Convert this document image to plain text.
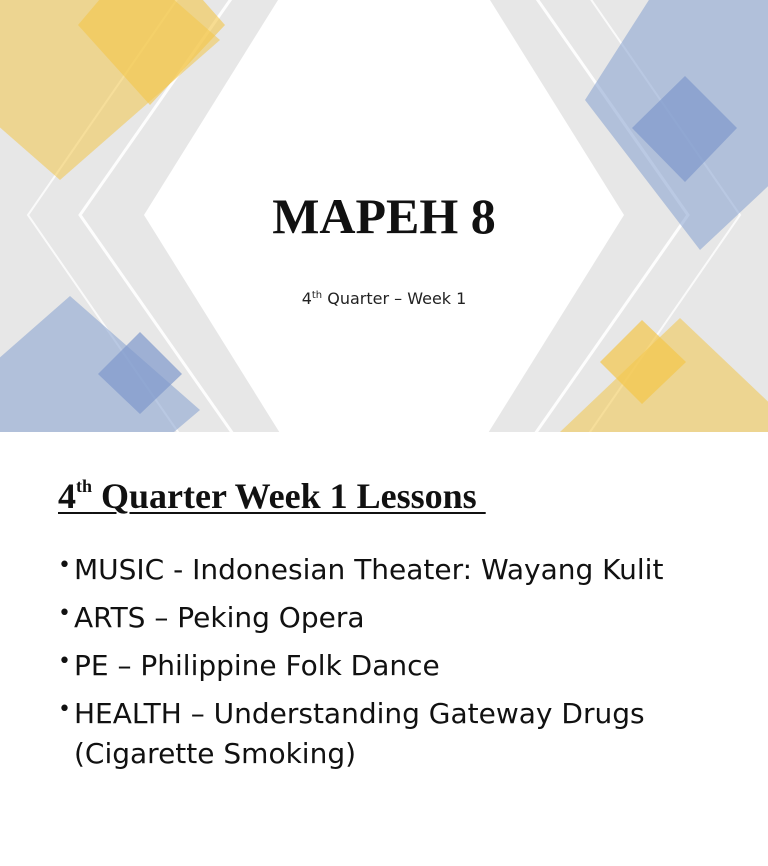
MAPEH 8
4th Quarter – Week 1
4th Quarter Week 1 Lessons
• MUSIC - Indonesian Theater: Wayang Kulit
• ARTS – Peking Opera
• PE – Philippine Folk Dance
• HEALTH – Understanding Gateway Drugs (Cigarette Smoking)
